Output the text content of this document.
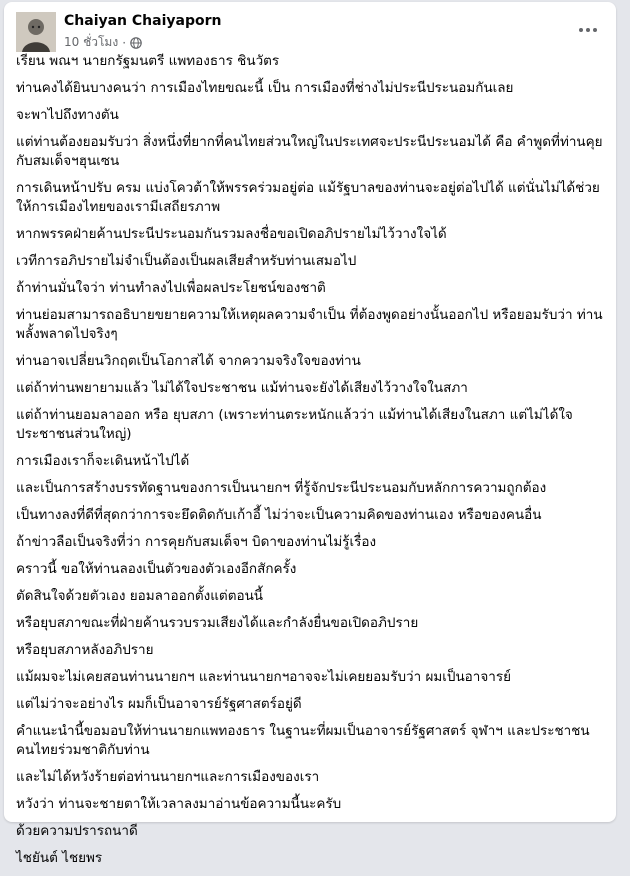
Chaiyan Chaiyaporn
10 ชั่วโมง ·

เรียน พณฯ นายกรัฐมนตรี แพทองธาร ชินวัตร

ท่านคงได้ยินบางคนว่า การเมืองไทยขณะนี้ เป็น การเมืองที่ช่างไม่ประนีประนอมกันเลย

จะพาไปถึงทางตัน

แต่ท่านต้องยอมรับว่า สิ่งหนึ่งที่ยากที่คนไทยส่วนใหญ่ในประเทศจะประนีประนอมได้ คือ คำพูดที่ท่านคุย กับสมเด็จฯฮุนเซน

การเดินหน้าปรับ ครม แบ่งโควต้าให้พรรคร่วมอยู่ต่อ แม้รัฐบาลของท่านจะอยู่ต่อไปได้ แต่นั่นไม่ได้ช่วยให้การเมืองไทยของเรามีเสถียรภาพ

หากพรรคฝ่ายค้านประนีประนอมกันรวมลงชื่อขอเปิดอภิปรายไม่ไว้วางใจได้

เวทีการอภิปรายไม่จำเป็นต้องเป็นผลเสียสำหรับท่านเสมอไป

ถ้าท่านมั่นใจว่า ท่านทำลงไปเพื่อผลประโยชน์ของชาติ

ท่านย่อมสามารถอธิบายขยายความให้เหตุผลความจำเป็น ที่ต้องพูดอย่างนั้นออกไป หรือยอมรับว่า ท่านพลั้งพลาดไปจริงๆ

ท่านอาจเปลี่ยนวิกฤตเป็นโอกาสได้ จากความจริงใจของท่าน

แต่ถ้าท่านพยายามแล้ว ไม่ได้ใจประชาชน แม้ท่านจะยังได้เสียงไว้วางใจในสภา

แต่ถ้าท่านยอมลาออก หรือ ยุบสภา (เพราะท่านตระหนักแล้วว่า แม้ท่านได้เสียงในสภา แต่ไม่ได้ใจประชาชนส่วนใหญ่)

การเมืองเราก็จะเดินหน้าไปได้

และเป็นการสร้างบรรทัดฐานของการเป็นนายกฯ ที่รู้จักประนีประนอมกับหลักการความถูกต้อง

เป็นทางลงที่ดีที่สุดกว่าการจะยึดติดกับเก้าอี้ ไม่ว่าจะเป็นความคิดของท่านเอง หรือของคนอื่น

ถ้าข่าวลือเป็นจริงที่ว่า การคุยกับสมเด็จฯ บิดาของท่านไม่รู้เรื่อง

คราวนี้ ขอให้ท่านลองเป็นตัวของตัวเองอีกสักครั้ง

ตัดสินใจด้วยตัวเอง ยอมลาออกตั้งแต่ตอนนี้

หรือยุบสภาขณะที่ฝ่ายค้านรวบรวมเสียงได้และกำลังยื่นขอเปิดอภิปราย

หรือยุบสภาหลังอภิปราย

แม้ผมจะไม่เคยสอนท่านนายกฯ และท่านนายกฯอาจจะไม่เคยยอมรับว่า ผมเป็นอาจารย์

แต่ไม่ว่าจะอย่างไร ผมก็เป็นอาจารย์รัฐศาสตร์อยู่ดี

คำแนะนำนี้ขอมอบให้ท่านนายกแพทองธาร ในฐานะที่ผมเป็นอาจารย์รัฐศาสตร์ จุฬาฯ และประชาชนคนไทยร่วมชาติกับท่าน

และไม่ได้หวังร้ายต่อท่านนายกฯและการเมืองของเรา

หวังว่า ท่านจะชายตาให้เวลาลงมาอ่านข้อความนี้นะครับ

ด้วยความปรารถนาดี

ไชยันต์ ไชยพร
